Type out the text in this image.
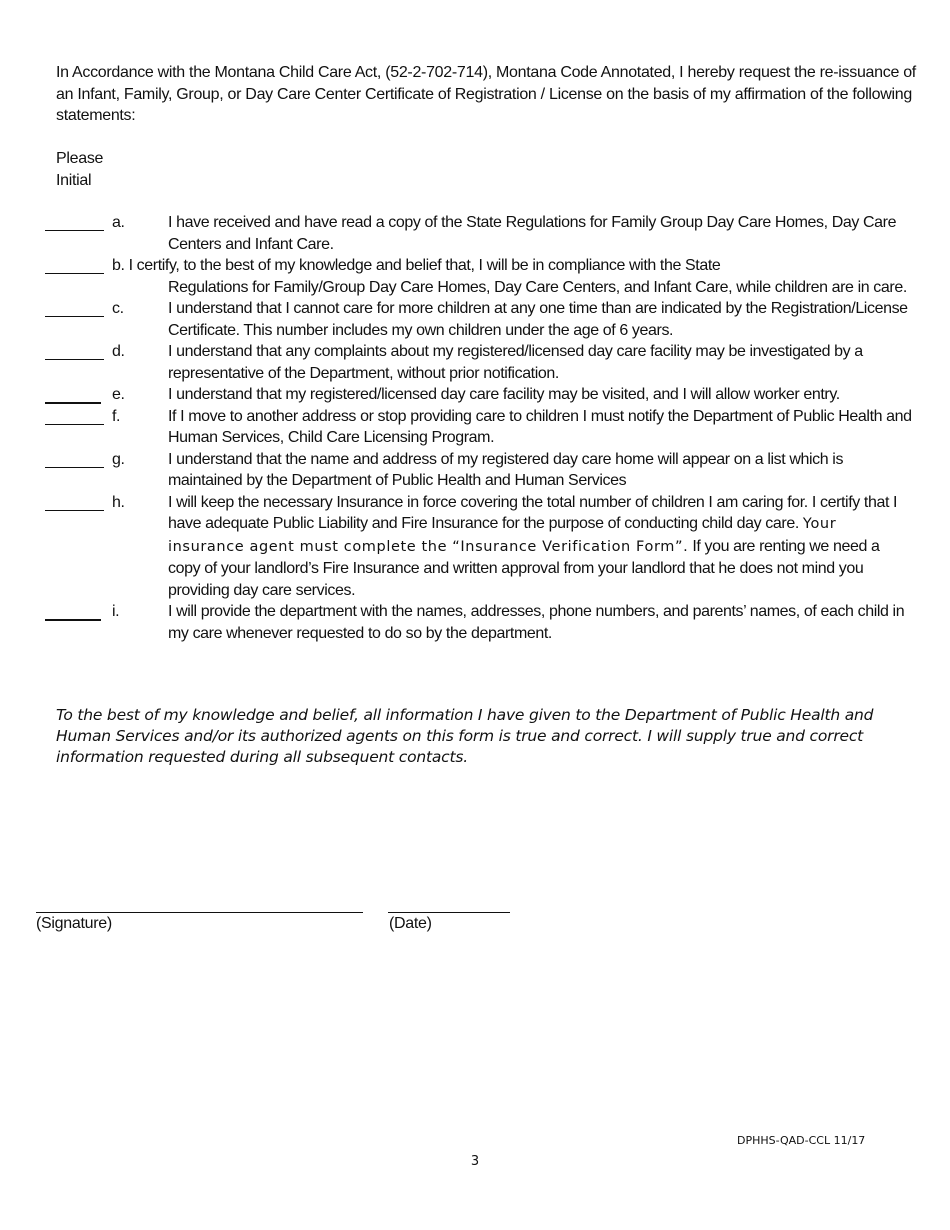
In Accordance with the Montana Child Care Act, (52-2-702-714), Montana Code Annotated, I hereby request the re-issuance of an Infant, Family, Group, or Day Care Center Certificate of Registration / License on the basis of my affirmation of the following statements:
Please
Initial
a.	I have received and have read a copy of the State Regulations for Family Group Day Care Homes, Day Care Centers and Infant Care.
b. I certify, to the best of my knowledge and belief that, I will be in compliance with the State
Regulations for Family/Group Day Care Homes, Day Care Centers, and Infant Care, while children are in care.
c.	I understand that I cannot care for more children at any one time than are indicated by the Registration/License Certificate. This number includes my own children under the age of 6 years.
d.	I understand that any complaints about my registered/licensed day care facility may be investigated by a representative of the Department, without prior notification.
e.	I understand that my registered/licensed day care facility may be visited, and I will allow worker entry.
f.	If I move to another address or stop providing care to children I must notify the Department of Public Health and Human Services, Child Care Licensing Program.
g.	I understand that the name and address of my registered day care home will appear on a list which is maintained by the Department of Public Health and Human Services
h.	I will keep the necessary Insurance in force covering the total number of children I am caring for. I certify that I have adequate Public Liability and Fire Insurance for the purpose of conducting child day care. Your insurance agent must complete the “Insurance Verification Form”. If you are renting we need a copy of your landlord’s Fire Insurance and written approval from your landlord that he does not mind you providing day care services.
i.	I will provide the department with the names, addresses, phone numbers, and parents’ names, of each child in my care whenever requested to do so by the department.
To the best of my knowledge and belief, all information I have given to the Department of Public Health and Human Services and/or its authorized agents on this form is true and correct. I will supply true and correct information requested during all subsequent contacts.
(Signature)	(Date)
DPHHS-QAD-CCL 11/17
3
